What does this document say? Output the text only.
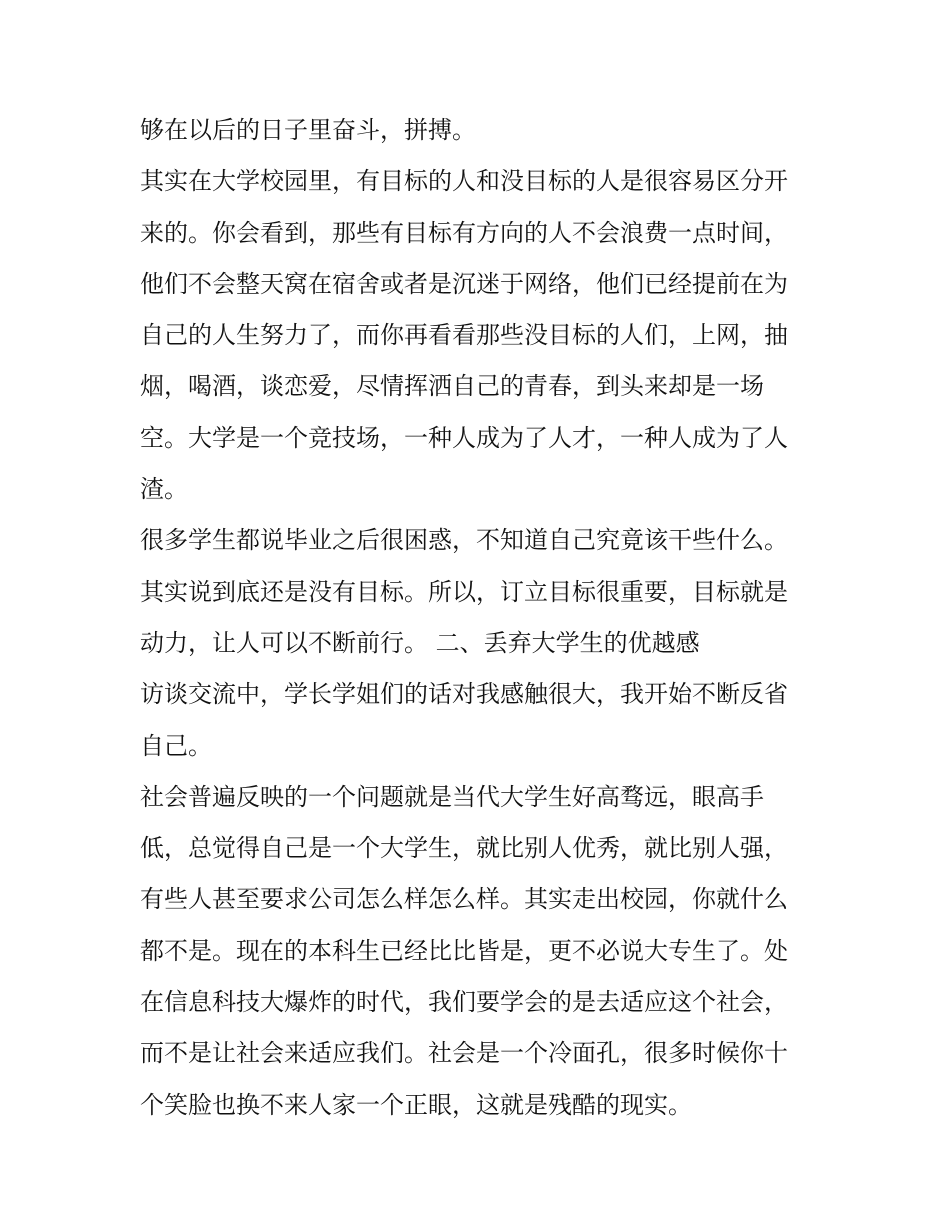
够在以后的日子里奋斗，拼搏。
其实在大学校园里，有目标的人和没目标的人是很容易区分开
来的。你会看到，那些有目标有方向的人不会浪费一点时间，
他们不会整天窝在宿舍或者是沉迷于网络，他们已经提前在为
自己的人生努力了，而你再看看那些没目标的人们，上网，抽
烟，喝酒，谈恋爱，尽情挥洒自己的青春，到头来却是一场
空。大学是一个竞技场，一种人成为了人才，一种人成为了人
渣。
很多学生都说毕业之后很困惑，不知道自己究竟该干些什么。
其实说到底还是没有目标。所以，订立目标很重要，目标就是
动力，让人可以不断前行。 二、丢弃大学生的优越感
访谈交流中，学长学姐们的话对我感触很大，我开始不断反省
自己。
社会普遍反映的一个问题就是当代大学生好高骛远，眼高手
低，总觉得自己是一个大学生，就比别人优秀，就比别人强，
有些人甚至要求公司怎么样怎么样。其实走出校园，你就什么
都不是。现在的本科生已经比比皆是，更不必说大专生了。处
在信息科技大爆炸的时代，我们要学会的是去适应这个社会，
而不是让社会来适应我们。社会是一个冷面孔，很多时候你十
个笑脸也换不来人家一个正眼，这就是残酷的现实。
